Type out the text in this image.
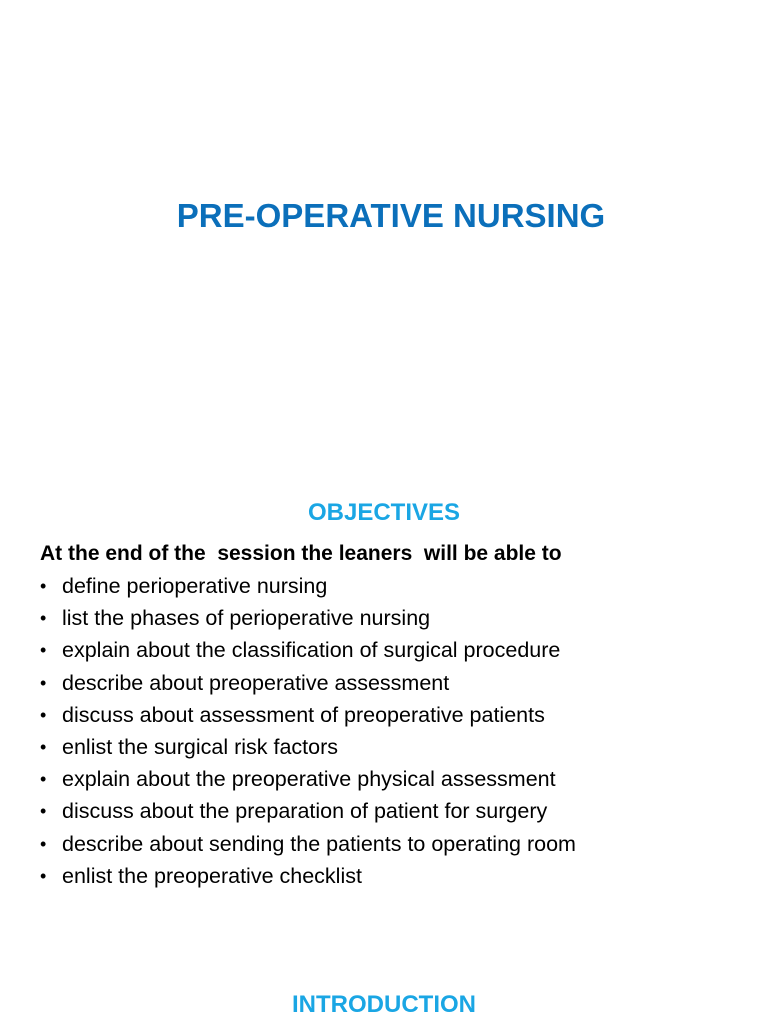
PRE-OPERATIVE NURSING
OBJECTIVES
At the end of the  session the leaners  will be able to
• define perioperative nursing
• list the phases of perioperative nursing
• explain about the classification of surgical procedure
• describe about preoperative assessment
• discuss about assessment of preoperative patients
• enlist the surgical risk factors
• explain about the preoperative physical assessment
• discuss about the preparation of patient for surgery
• describe about sending the patients to operating room
• enlist the preoperative checklist
INTRODUCTION
